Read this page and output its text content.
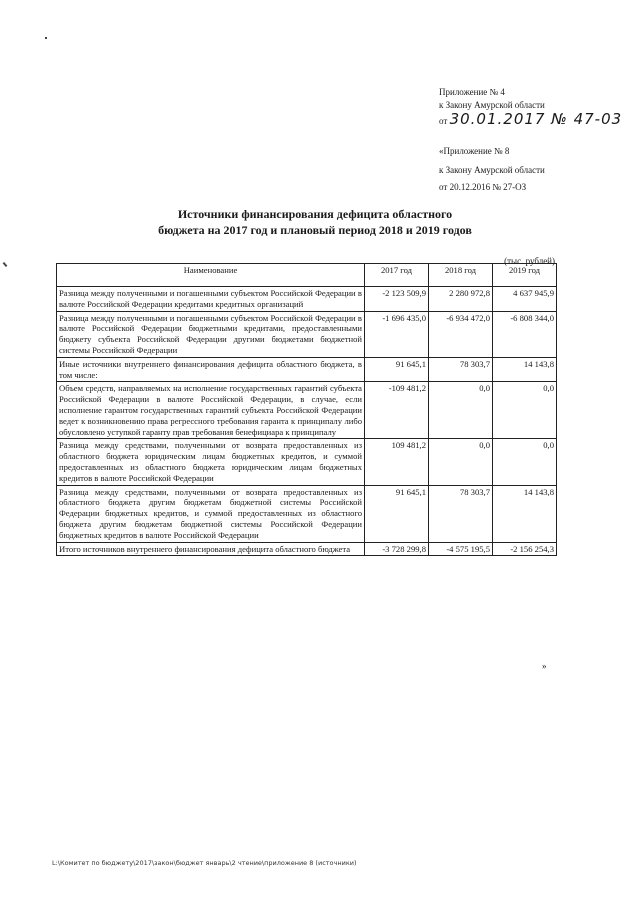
Приложение № 4
к Закону Амурской области
от 30.01.2017 № 47-03
«Приложение № 8
к Закону Амурской области
от 20.12.2016 № 27-ОЗ
Источники финансирования дефицита областного
бюджета на 2017 год и плановый период 2018 и 2019 годов
(тыс. рублей)
Наименование	2017 год	2018 год	2019 год
Разница между полученными и погашенными субъектом Российской Федерации в валюте Российской Федерации кредитами кредитных организаций	-2 123 509,9	2 280 972,8	4 637 945,9
Разница между полученными и погашенными субъектом Российской Федерации в валюте Российской Федерации бюджетными кредитами, предоставленными бюджету субъекта Российской Федерации другими бюджетами бюджетной системы Российской Федерации	-1 696 435,0	-6 934 472,0	-6 808 344,0
Иные источники внутреннего финансирования дефицита областного бюджета, в том числе:	91 645,1	78 303,7	14 143,8
Объем средств, направляемых на исполнение государственных гарантий субъекта Российской Федерации в валюте Российской Федерации, в случае, если исполнение гарантом государственных гарантий субъекта Российской Федерации ведет к возникновению права регрессного требования гаранта к принципалу либо обусловлено уступкой гаранту прав требования бенефициара к принципалу	-109 481,2	0,0	0,0
Разница между средствами, полученными от возврата предоставленных из областного бюджета юридическим лицам бюджетных кредитов, и суммой предоставленных из областного бюджета юридическим лицам бюджетных кредитов в валюте Российской Федерации	109 481,2	0,0	0,0
Разница между средствами, полученными от возврата предоставленных из областного бюджета другим бюджетам бюджетной системы Российской Федерации бюджетных кредитов, и суммой предоставленных из областного бюджета другим бюджетам бюджетной системы Российской Федерации бюджетных кредитов в валюте Российской Федерации	91 645,1	78 303,7	14 143,8
Итого источников внутреннего финансирования дефицита областного бюджета	-3 728 299,8	-4 575 195,5	-2 156 254,3
»
L:\Комитет по бюджету\2017\закон\бюджет январь\2 чтение\приложение 8 (источники)
